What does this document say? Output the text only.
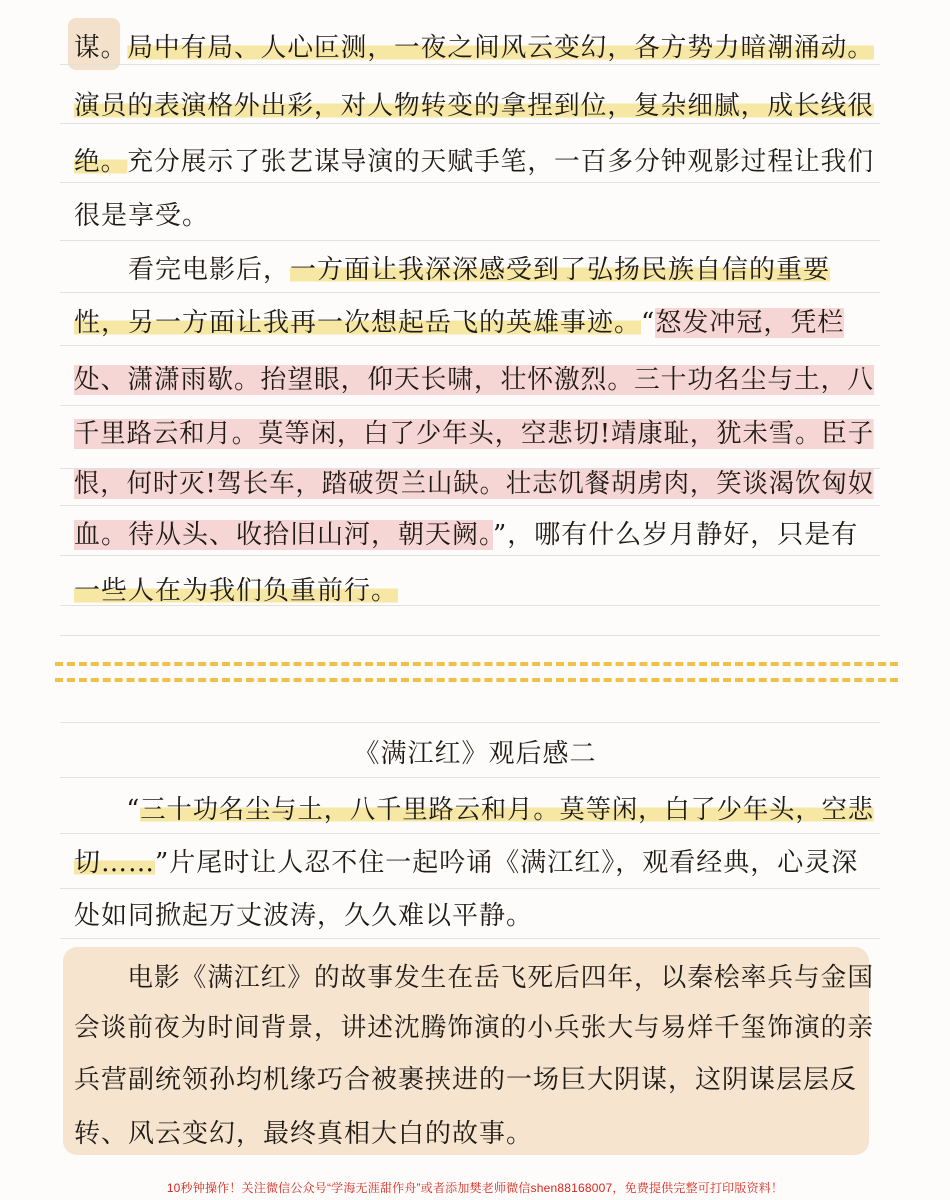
谋。局中有局、人心叵测，一夜之间风云变幻，各方势力暗潮涌动。
演员的表演格外出彩，对人物转变的拿捏到位，复杂细腻，成长线很
绝。充分展示了张艺谋导演的天赋手笔，一百多分钟观影过程让我们
很是享受。
　　看完电影后，一方面让我深深感受到了弘扬民族自信的重要
性，另一方面让我再一次想起岳飞的英雄事迹。“怒发冲冠，凭栏
处、潇潇雨歇。抬望眼，仰天长啸，壮怀激烈。三十功名尘与土，八
千里路云和月。莫等闲，白了少年头，空悲切!靖康耻，犹未雪。臣子
恨，何时灭!驾长车，踏破贺兰山缺。壮志饥餐胡虏肉，笑谈渴饮匈奴
血。待从头、收拾旧山河，朝天阙。”，哪有什么岁月静好，只是有
一些人在为我们负重前行。
《满江红》观后感二
　　“三十功名尘与土，八千里路云和月。莫等闲，白了少年头，空悲
切……”片尾时让人忍不住一起吟诵《满江红》，观看经典，心灵深
处如同掀起万丈波涛，久久难以平静。
　　电影《满江红》的故事发生在岳飞死后四年，以秦桧率兵与金国
会谈前夜为时间背景，讲述沈腾饰演的小兵张大与易烊千玺饰演的亲
兵营副统领孙均机缘巧合被裹挟进的一场巨大阴谋，这阴谋层层反
转、风云变幻，最终真相大白的故事。
10秒钟操作！关注微信公众号“学海无涯甜作舟”或者添加樊老师微信shen88168007，免费提供完整可打印版资料！
